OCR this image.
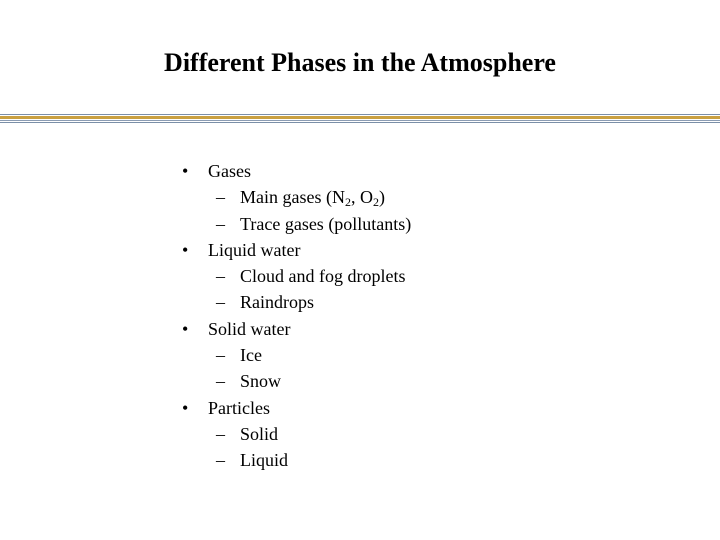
Different Phases in the Atmosphere
• Gases
– Main gases ($N_2$, $O_2$)
– Trace gases (pollutants)
• Liquid water
– Cloud and fog droplets
– Raindrops
• Solid water
– Ice
– Snow
• Particles
– Solid
– Liquid
